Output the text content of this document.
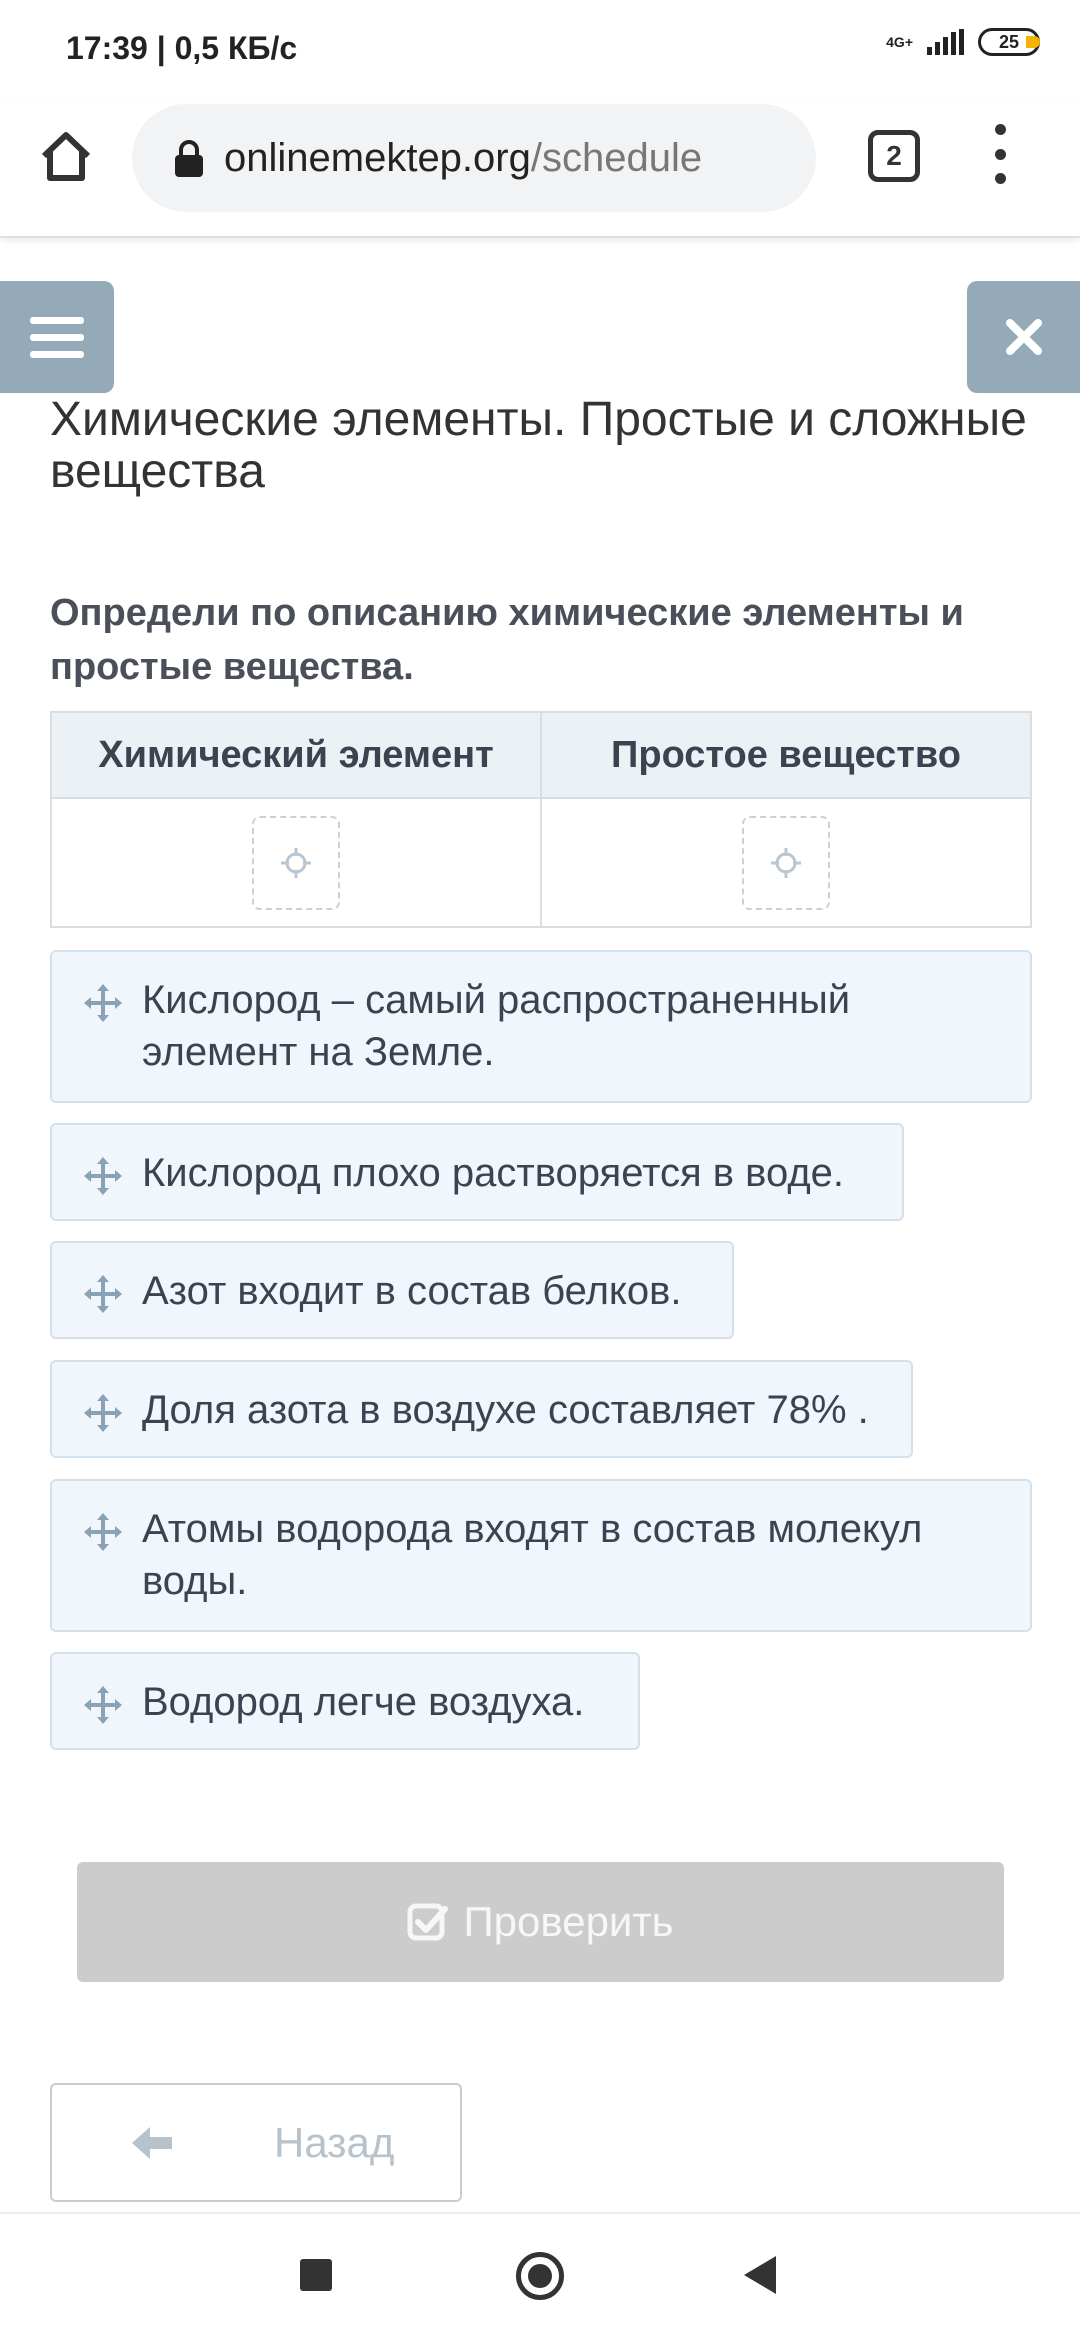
17:39 | 0,5 КБ/с	4G+	25
onlinemektep.org/schedule	2
Химические элементы. Простые и сложные вещества

Определи по описанию химические элементы и простые вещества.

Химический элемент	Простое вещество
Кислород – самый распространенный элемент на Земле.
Кислород плохо растворяется в воде.
Азот входит в состав белков.
Доля азота в воздухе составляет 78% .
Атомы водорода входят в состав молекул воды.
Водород легче воздуха.
Проверить
Назад
